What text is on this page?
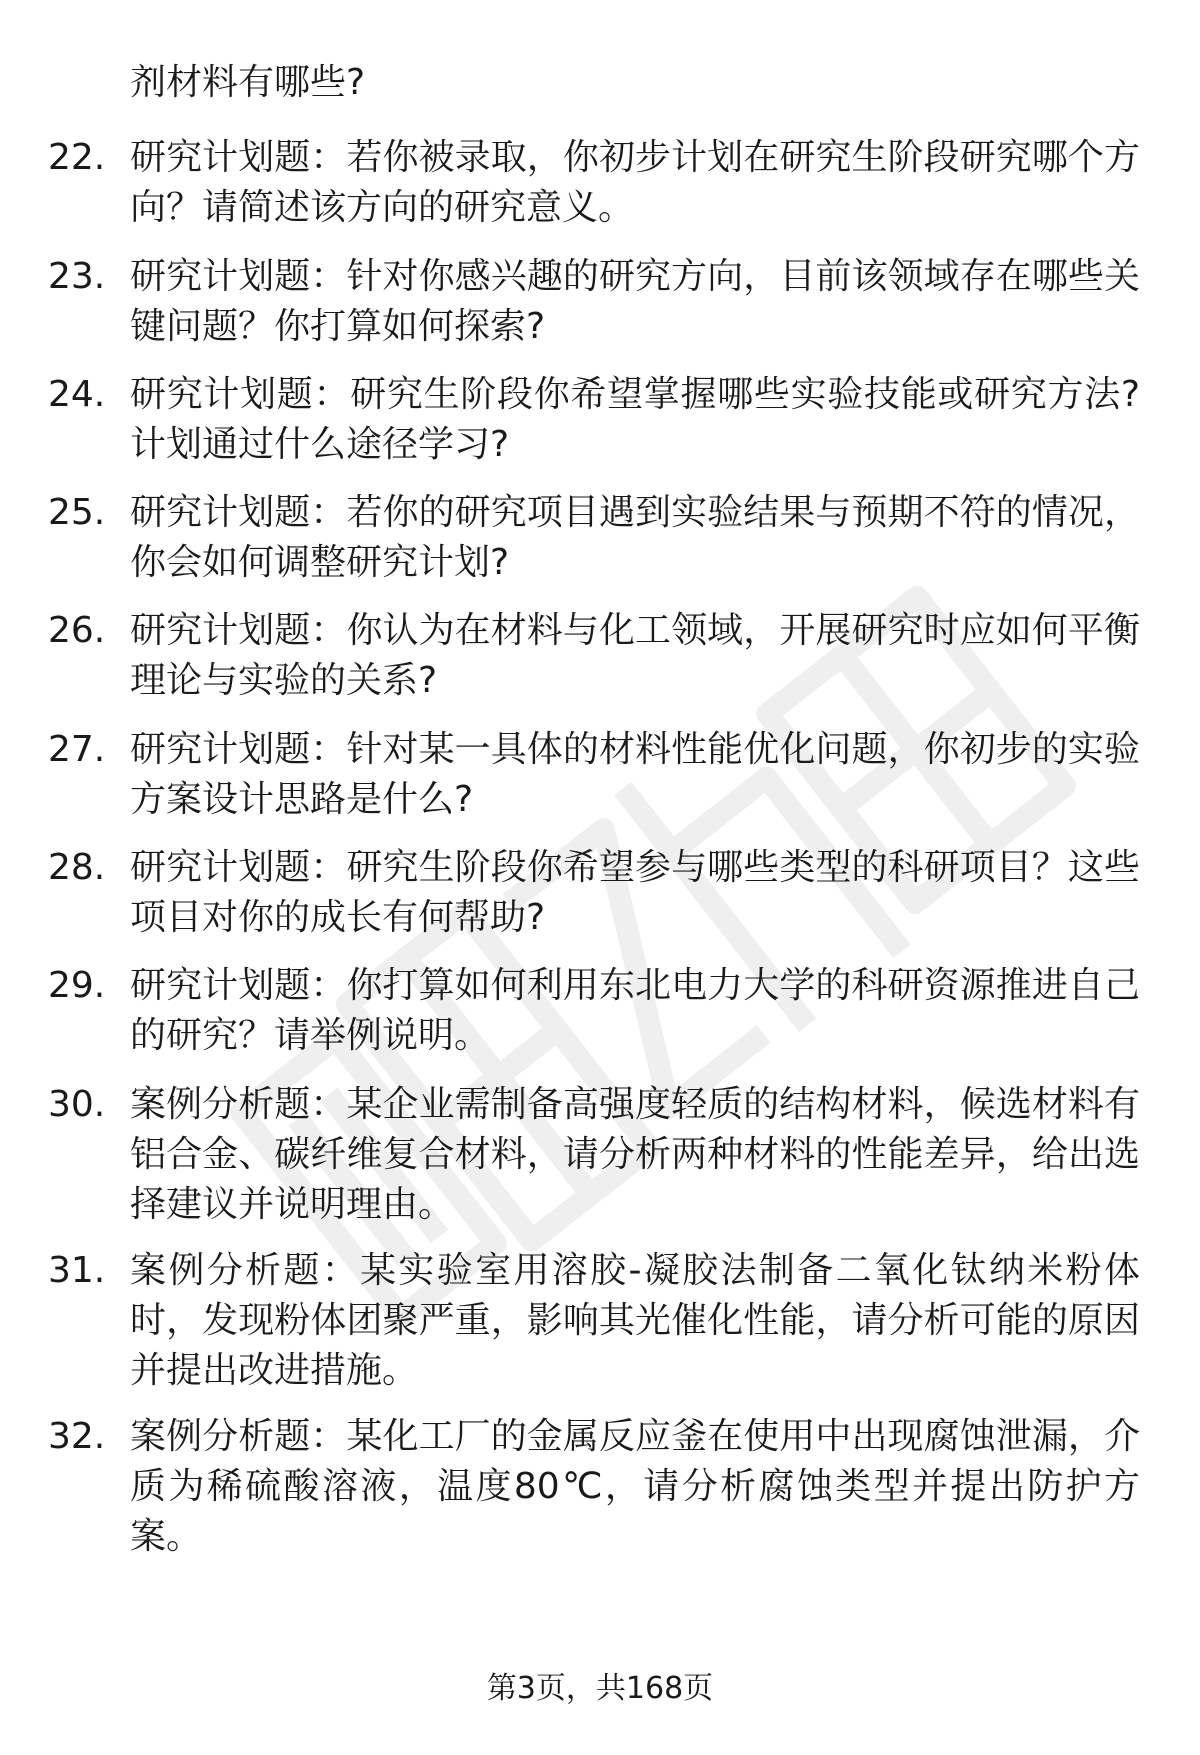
剂材料有哪些?

22. 研究计划题：若你被录取，你初步计划在研究生阶段研究哪个方向？请简述该方向的研究意义。

23. 研究计划题：针对你感兴趣的研究方向，目前该领域存在哪些关键问题？你打算如何探索?

24. 研究计划题：研究生阶段你希望掌握哪些实验技能或研究方法?计划通过什么途径学习?

25. 研究计划题：若你的研究项目遇到实验结果与预期不符的情况，你会如何调整研究计划?

26. 研究计划题：你认为在材料与化工领域，开展研究时应如何平衡理论与实验的关系?

27. 研究计划题：针对某一具体的材料性能优化问题，你初步的实验方案设计思路是什么?

28. 研究计划题：研究生阶段你希望参与哪些类型的科研项目？这些项目对你的成长有何帮助?

29. 研究计划题：你打算如何利用东北电力大学的科研资源推进自己的研究？请举例说明。

30. 案例分析题：某企业需制备高强度轻质的结构材料，候选材料有铝合金、碳纤维复合材料，请分析两种材料的性能差异，给出选择建议并说明理由。

31. 案例分析题：某实验室用溶胶-凝胶法制备二氧化钛纳米粉体时，发现粉体团聚严重，影响其光催化性能，请分析可能的原因并提出改进措施。

32. 案例分析题：某化工厂的金属反应釜在使用中出现腐蚀泄漏，介质为稀硫酸溶液，温度80℃，请分析腐蚀类型并提出防护方案。

第3页，共168页
